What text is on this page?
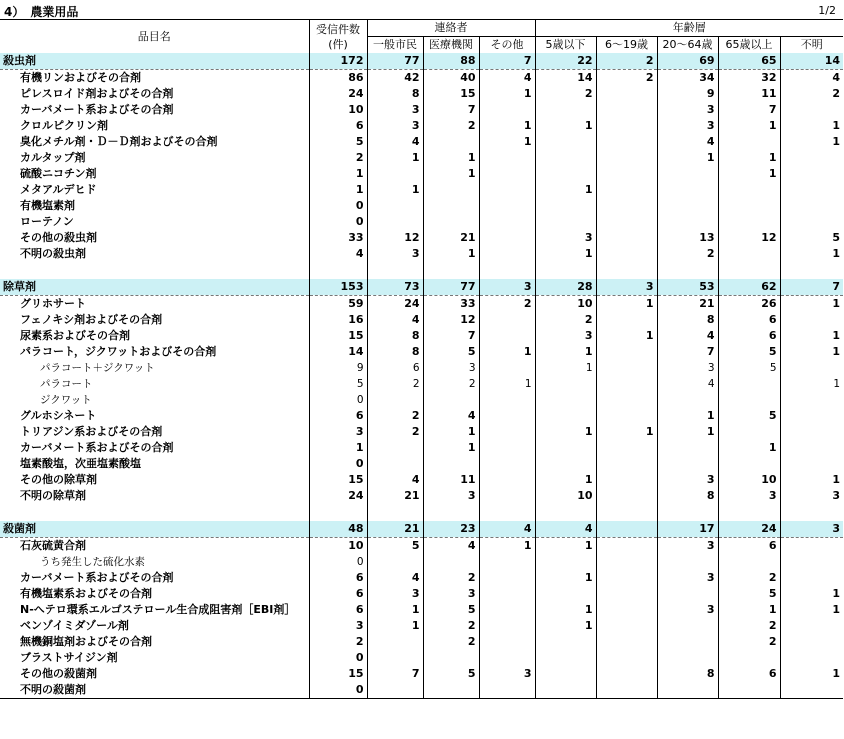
4）　農業用品	1/2
品目名	受信件数
(件)	連絡者			年齢層				
		一般市民	医療機関	その他	5歳以下	6～19歳	20～64歳	65歳以上	不明
殺虫剤	172	77	88	7	22	2	69	65	14
有機リンおよびその合剤	86	42	40	4	14	2	34	32	4
ピレスロイド剤およびその合剤	24	8	15	1	2		9	11	2
カーバメート系およびその合剤	10	3	7				3	7	
クロルピクリン剤	6	3	2	1	1		3	1	1
臭化メチル剤・Ｄ－Ｄ剤およびその合剤	5	4		1			4		1
カルタップ剤	2	1	1				1	1	
硫酸ニコチン剤	1		1					1	
メタアルデヒド	1	1			1				
有機塩素剤	0								
ローテノン	0								
その他の殺虫剤	33	12	21		3		13	12	5
不明の殺虫剤	4	3	1		1		2		1

除草剤	153	73	77	3	28	3	53	62	7
グリホサート	59	24	33	2	10	1	21	26	1
フェノキシ剤およびその合剤	16	4	12		2		8	6	
尿素系およびその合剤	15	8	7		3	1	4	6	1
パラコート，ジクワットおよびその合剤	14	8	5	1	1		7	5	1
パラコート＋ジクワット	9	6	3		1		3	5	
パラコート	5	2	2	1			4		1
ジクワット	0								
グルホシネート	6	2	4				1	5	
トリアジン系およびその合剤	3	2	1		1	1	1		
カーバメート系およびその合剤	1		1					1	
塩素酸塩，次亜塩素酸塩	0								
その他の除草剤	15	4	11		1		3	10	1
不明の除草剤	24	21	3		10		8	3	3

殺菌剤	48	21	23	4	4		17	24	3
石灰硫黄合剤	10	5	4	1	1		3	6	
うち発生した硫化水素	0								
カーバメート系およびその合剤	6	4	2		1		3	2	
有機塩素系およびその合剤	6	3	3					5	1
N-ヘテロ環系エルゴステロール生合成阻害剤［EBI剤］	6	1	5		1		3	1	1
ベンゾイミダゾール剤	3	1	2		1			2	
無機銅塩剤およびその合剤	2		2					2	
ブラストサイジン剤	0								
その他の殺菌剤	15	7	5	3			8	6	1
不明の殺菌剤	0								
